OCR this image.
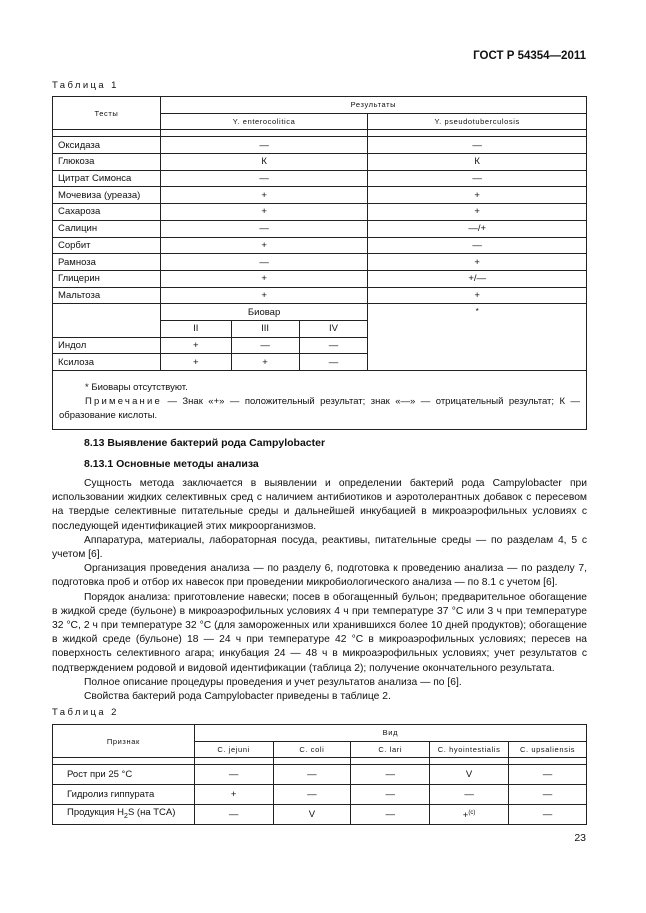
ГОСТ Р 54354—2011
Таблица 1
Тесты	Результаты			
	Y. enterocolitica			Y. pseudotuberculosis

Оксидаза	—			—
Глюкоза	К			К
Цитрат Симонса	—			—
Мочевиза (уреаза)	+			+
Сахароза	+			+
Салицин	—			—/+
Сорбит	+			—
Рамноза	—			+
Глицерин	+			+/—
Мальтоза	+			+
	Биовар			*
	II	III	IV	
Индол	+	—	—	
Ксилоза	+	+	—	

* Биовары отсутствуют.

Примечание — Знак «+» — положительный результат; знак «—» — отрицательный результат; К — образование кислоты.				

8.13 Выявление бактерий рода Campylobacter
8.13.1 Основные методы анализа

Сущность метода заключается в выявлении и определении бактерий рода Campylobacter при использовании жидких селективных сред с наличием антибиотиков и аэротолерантных добавок с пересевом на твердые селективные питательные среды и дальнейшей инкубацией в микроаэрофильных условиях с последующей идентификацией этих микроорганизмов.

Аппаратура, материалы, лабораторная посуда, реактивы, питательные среды — по разделам 4, 5 с учетом [6].

Организация проведения анализа — по разделу 6, подготовка к проведению анализа — по разделу 7, подготовка проб и отбор их навесок при проведении микробиологического анализа — по 8.1 с учетом [6].

Порядок анализа: приготовление навески; посев в обогащенный бульон; предварительное обогащение в жидкой среде (бульоне) в микроаэрофильных условиях 4 ч при температуре 37 °С или 3 ч при температуре 32 °С, 2 ч при температуре 32 °С (для замороженных или хранившихся более 10 дней продуктов); обогащение в жидкой среде (бульоне) 18 — 24 ч при температуре 42 °С в микроаэрофильных условиях; пересев на поверхность селективного агара; инкубация 24 — 48 ч в микроаэрофильных условиях; учет результатов с подтверждением родовой и видовой идентификации (таблица 2); получение окончательного результата.

Полное описание процедуры проведения и учет результатов анализа — по [6].

Свойства бактерий рода Campylobacter приведены в таблице 2.

Таблица 2
Признак	Вид				
	C. jejuni	C. coli	C. lari	C. hyointestialis	C. upsaliensis

Рост при 25 °С	—	—	—	V	—
Гидролиз гиппурата	+	—	—	—	—
Продукция $H_2S$ (на TCA)	—	V	—	+$^{(c)}$	—
23
